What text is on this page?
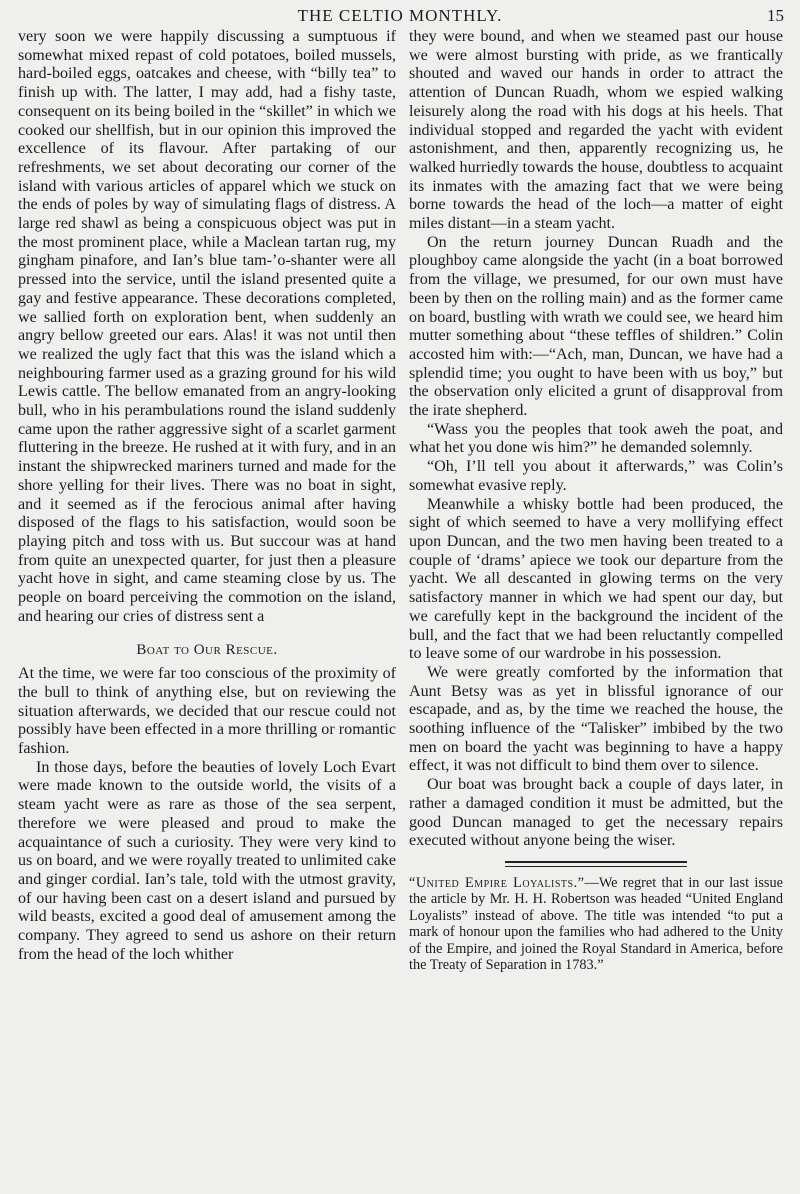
THE CELTIO MONTHLY.	15

very soon we were happily discussing a sumptuous if somewhat mixed repast of cold potatoes, boiled mussels, hard-boiled eggs, oatcakes and cheese, with “billy tea” to finish up with. The latter, I may add, had a fishy taste, consequent on its being boiled in the “skillet” in which we cooked our shellfish, but in our opinion this improved the excellence of its flavour. After partaking of our refreshments, we set about decorating our corner of the island with various articles of apparel which we stuck on the ends of poles by way of simulating flags of distress. A large red shawl as being a conspicuous object was put in the most prominent place, while a Maclean tartan rug, my gingham pinafore, and Ian’s blue tam-’o-shanter were all pressed into the service, until the island presented quite a gay and festive appearance. These decorations completed, we sallied forth on exploration bent, when suddenly an angry bellow greeted our ears. Alas! it was not until then we realized the ugly fact that this was the island which a neighbouring farmer used as a grazing ground for his wild Lewis cattle. The bellow emanated from an angry-looking bull, who in his perambulations round the island suddenly came upon the rather aggressive sight of a scarlet garment fluttering in the breeze. He rushed at it with fury, and in an instant the shipwrecked mariners turned and made for the shore yelling for their lives. There was no boat in sight, and it seemed as if the ferocious animal after having disposed of the flags to his satisfaction, would soon be playing pitch and toss with us. But succour was at hand from quite an unexpected quarter, for just then a pleasure yacht hove in sight, and came steaming close by us. The people on board perceiving the commotion on the island, and hearing our cries of distress sent a

Boat to Our Rescue.

At the time, we were far too conscious of the proximity of the bull to think of anything else, but on reviewing the situation afterwards, we decided that our rescue could not possibly have been effected in a more thrilling or romantic fashion.

In those days, before the beauties of lovely Loch Evart were made known to the outside world, the visits of a steam yacht were as rare as those of the sea serpent, therefore we were pleased and proud to make the acquaintance of such a curiosity. They were very kind to us on board, and we were royally treated to unlimited cake and ginger cordial. Ian’s tale, told with the utmost gravity, of our having been cast on a desert island and pursued by wild beasts, excited a good deal of amusement among the company. They agreed to send us ashore on their return from the head of the loch whither

they were bound, and when we steamed past our house we were almost bursting with pride, as we frantically shouted and waved our hands in order to attract the attention of Duncan Ruadh, whom we espied walking leisurely along the road with his dogs at his heels. That individual stopped and regarded the yacht with evident astonishment, and then, apparently recognizing us, he walked hurriedly towards the house, doubtless to acquaint its inmates with the amazing fact that we were being borne towards the head of the loch—a matter of eight miles distant—in a steam yacht.

On the return journey Duncan Ruadh and the ploughboy came alongside the yacht (in a boat borrowed from the village, we presumed, for our own must have been by then on the rolling main) and as the former came on board, bustling with wrath we could see, we heard him mutter something about “these teffles of shildren.” Colin accosted him with:—“Ach, man, Duncan, we have had a splendid time; you ought to have been with us boy,” but the observation only elicited a grunt of disapproval from the irate shepherd.

“Wass you the peoples that took aweh the poat, and what het you done wis him?” he demanded solemnly.

“Oh, I’ll tell you about it afterwards,” was Colin’s somewhat evasive reply.

Meanwhile a whisky bottle had been produced, the sight of which seemed to have a very mollifying effect upon Duncan, and the two men having been treated to a couple of ‘drams’ apiece we took our departure from the yacht. We all descanted in glowing terms on the very satisfactory manner in which we had spent our day, but we carefully kept in the background the incident of the bull, and the fact that we had been reluctantly compelled to leave some of our wardrobe in his possession.

We were greatly comforted by the information that Aunt Betsy was as yet in blissful ignorance of our escapade, and as, by the time we reached the house, the soothing influence of the “Talisker” imbibed by the two men on board the yacht was beginning to have a happy effect, it was not difficult to bind them over to silence.

Our boat was brought back a couple of days later, in rather a damaged condition it must be admitted, but the good Duncan managed to get the necessary repairs executed without anyone being the wiser.

“United Empire Loyalists.”—We regret that in our last issue the article by Mr. H. H. Robertson was headed “United England Loyalists” instead of above. The title was intended “to put a mark of honour upon the families who had adhered to the Unity of the Empire, and joined the Royal Standard in America, before the Treaty of Separation in 1783.”
